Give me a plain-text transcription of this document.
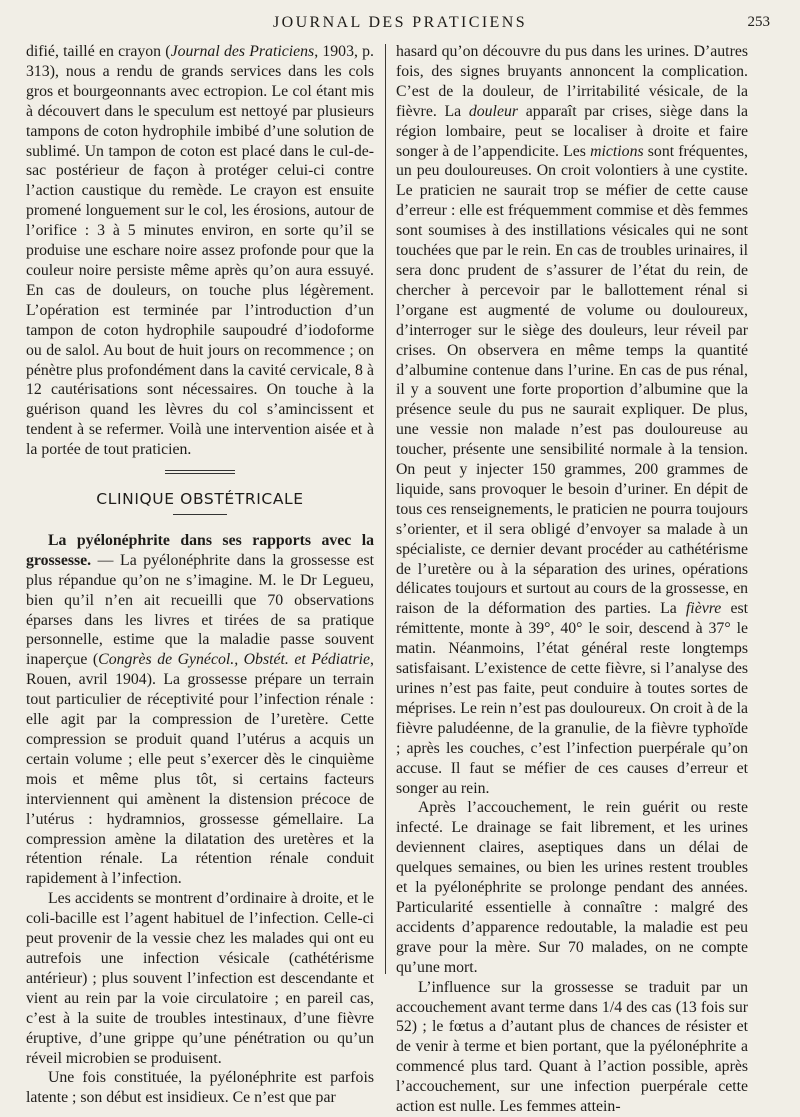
JOURNAL DES PRATICIENS	253

difié, taillé en crayon (Journal des Praticiens, 1903, p. 313), nous a rendu de grands services dans les cols gros et bourgeonnants avec ectropion. Le col étant mis à découvert dans le speculum est nettoyé par plusieurs tampons de coton hydrophile imbibé d’une solution de sublimé. Un tampon de coton est placé dans le cul-de-sac postérieur de façon à protéger celui-ci contre l’action caustique du remède. Le crayon est ensuite promené longuement sur le col, les érosions, autour de l’orifice : 3 à 5 minutes environ, en sorte qu’il se produise une eschare noire assez profonde pour que la couleur noire persiste même après qu’on aura essuyé. En cas de douleurs, on touche plus légèrement. L’opération est terminée par l’introduction d’un tampon de coton hydrophile saupoudré d’iodoforme ou de salol. Au bout de huit jours on recommence ; on pénètre plus profondément dans la cavité cervicale, 8 à 12 cautérisations sont nécessaires. On touche à la guérison quand les lèvres du col s’amincissent et tendent à se refermer. Voilà une intervention aisée et à la portée de tout praticien.

CLINIQUE OBSTÉTRICALE

La pyélonéphrite dans ses rapports avec la grossesse. — La pyélonéphrite dans la grossesse est plus répandue qu’on ne s’imagine. M. le Dr Legueu, bien qu’il n’en ait recueilli que 70 observations éparses dans les livres et tirées de sa pratique personnelle, estime que la maladie passe souvent inaperçue (Congrès de Gynécol., Obstét. et Pédiatrie, Rouen, avril 1904). La grossesse prépare un terrain tout particulier de réceptivité pour l’infection rénale : elle agit par la compression de l’uretère. Cette compression se produit quand l’utérus a acquis un certain volume ; elle peut s’exercer dès le cinquième mois et même plus tôt, si certains facteurs interviennent qui amènent la distension précoce de l’utérus : hydramnios, grossesse gémellaire. La compression amène la dilatation des uretères et la rétention rénale. La rétention rénale conduit rapidement à l’infection.

Les accidents se montrent d’ordinaire à droite, et le coli-bacille est l’agent habituel de l’infection. Celle-ci peut provenir de la vessie chez les malades qui ont eu autrefois une infection vésicale (cathétérisme antérieur) ; plus souvent l’infection est descendante et vient au rein par la voie circulatoire ; en pareil cas, c’est à la suite de troubles intestinaux, d’une fièvre éruptive, d’une grippe qu’une pénétration ou qu’un réveil microbien se produisent.

Une fois constituée, la pyélonéphrite est parfois latente ; son début est insidieux. Ce n’est que par

hasard qu’on découvre du pus dans les urines. D’autres fois, des signes bruyants annoncent la complication. C’est de la douleur, de l’irritabilité vésicale, de la fièvre. La douleur apparaît par crises, siège dans la région lombaire, peut se localiser à droite et faire songer à de l’appendicite. Les mictions sont fréquentes, un peu douloureuses. On croit volontiers à une cystite. Le praticien ne saurait trop se méfier de cette cause d’erreur : elle est fréquemment commise et dès femmes sont soumises à des instillations vésicales qui ne sont touchées que par le rein. En cas de troubles urinaires, il sera donc prudent de s’assurer de l’état du rein, de chercher à percevoir par le ballottement rénal si l’organe est augmenté de volume ou douloureux, d’interroger sur le siège des douleurs, leur réveil par crises. On observera en même temps la quantité d’albumine contenue dans l’urine. En cas de pus rénal, il y a souvent une forte proportion d’albumine que la présence seule du pus ne saurait expliquer. De plus, une vessie non malade n’est pas douloureuse au toucher, présente une sensibilité normale à la tension. On peut y injecter 150 grammes, 200 grammes de liquide, sans provoquer le besoin d’uriner. En dépit de tous ces renseignements, le praticien ne pourra toujours s’orienter, et il sera obligé d’envoyer sa malade à un spécialiste, ce dernier devant procéder au cathétérisme de l’uretère ou à la séparation des urines, opérations délicates toujours et surtout au cours de la grossesse, en raison de la déformation des parties. La fièvre est rémittente, monte à 39°, 40° le soir, descend à 37° le matin. Néanmoins, l’état général reste longtemps satisfaisant. L’existence de cette fièvre, si l’analyse des urines n’est pas faite, peut conduire à toutes sortes de méprises. Le rein n’est pas douloureux. On croit à de la fièvre paludéenne, de la granulie, de la fièvre typhoïde ; après les couches, c’est l’infection puerpérale qu’on accuse. Il faut se méfier de ces causes d’erreur et songer au rein.

Après l’accouchement, le rein guérit ou reste infecté. Le drainage se fait librement, et les urines deviennent claires, aseptiques dans un délai de quelques semaines, ou bien les urines restent troubles et la pyélonéphrite se prolonge pendant des années. Particularité essentielle à connaître : malgré des accidents d’apparence redoutable, la maladie est peu grave pour la mère. Sur 70 malades, on ne compte qu’une mort.

L’influence sur la grossesse se traduit par un accouchement avant terme dans 1/4 des cas (13 fois sur 52) ; le fœtus a d’autant plus de chances de résister et de venir à terme et bien portant, que la pyélonéphrite a commencé plus tard. Quant à l’action possible, après l’accouchement, sur une infection puerpérale cette action est nulle. Les femmes attein-
